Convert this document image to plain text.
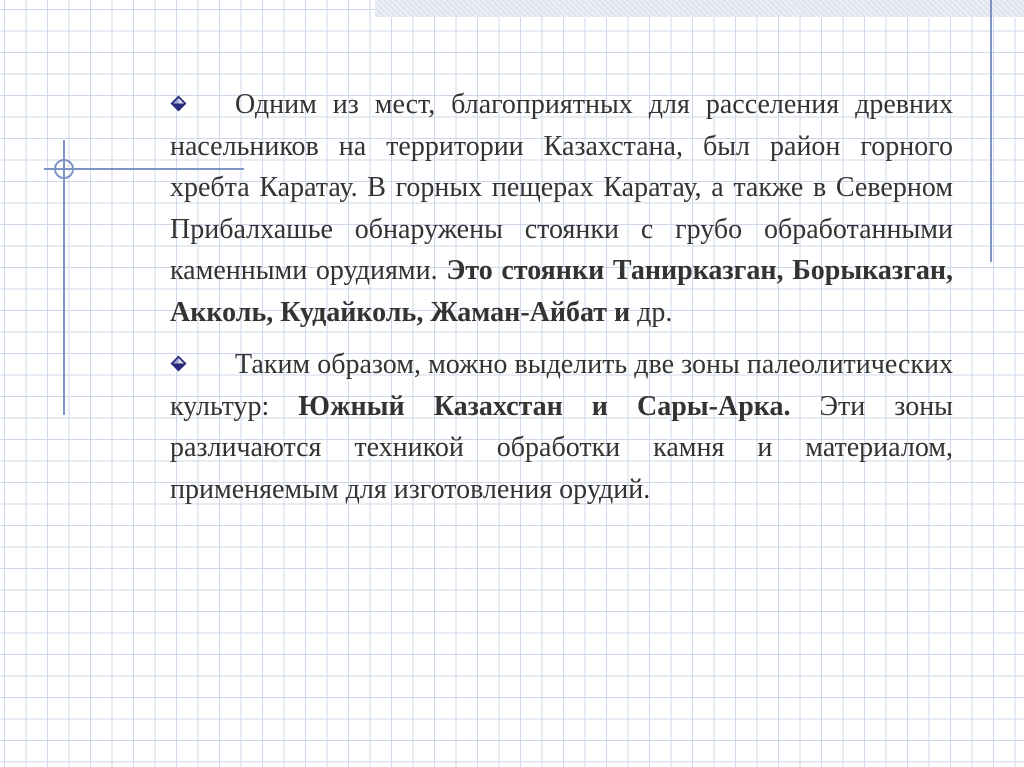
Одним из мест, благоприятных для расселения древних насельников на территории Казахстана, был район горного хребта Каратау. В горных пещерах Каратау, а также в Северном Прибалхашье обнаружены стоянки с грубо обработанными каменными орудиями. Это стоянки Танирказган, Борыказган, Акколь, Кудайколь, Жаман-Айбат и др.

Таким образом, можно выделить две зоны палеолитических культур: Южный Казахстан и Сары-Арка. Эти зоны различаются техникой обработки камня и материалом, применяемым для изготовления орудий.
